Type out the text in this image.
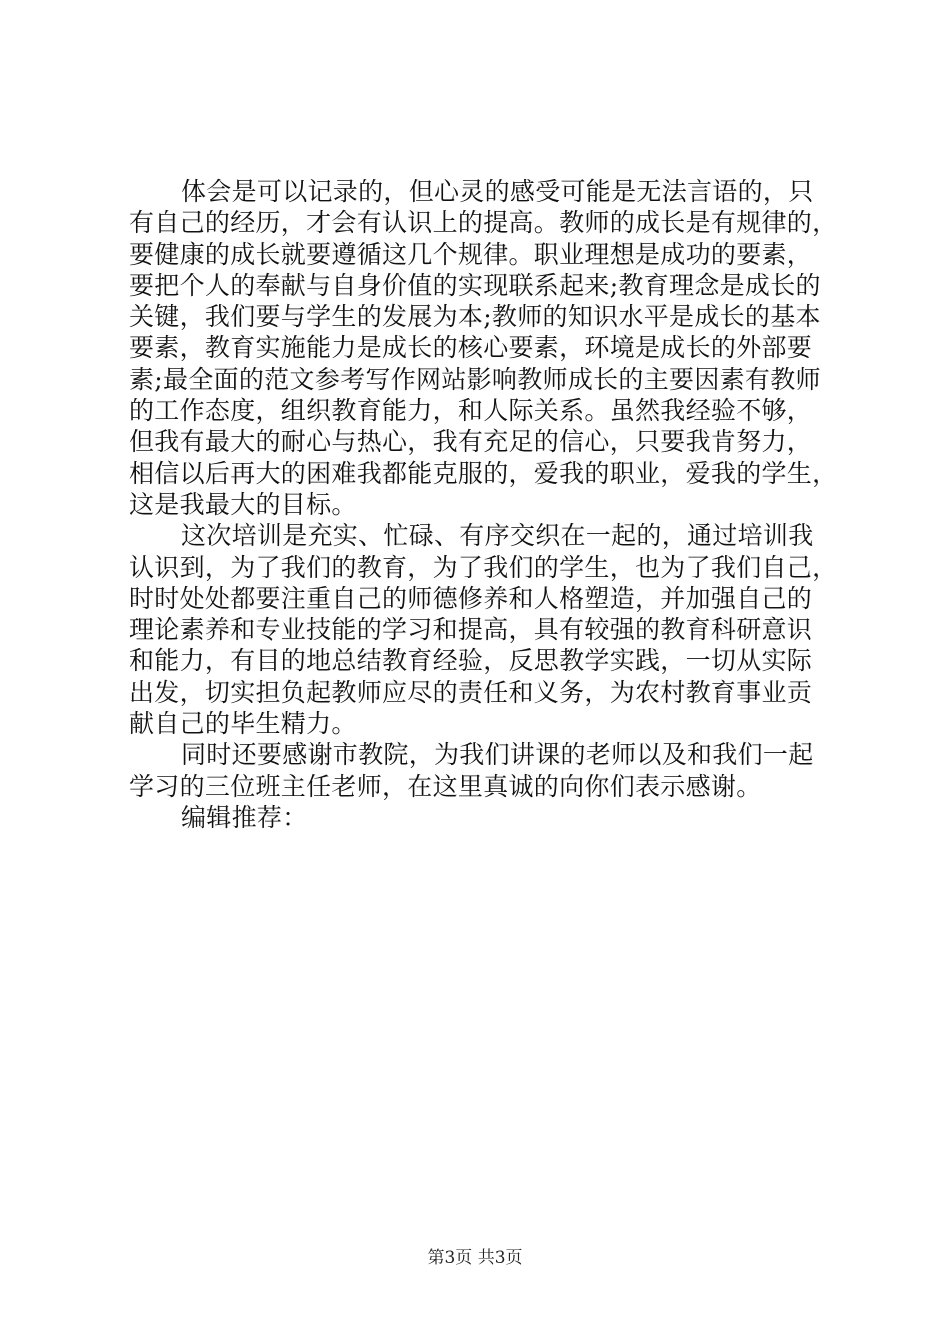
体会是可以记录的，但心灵的感受可能是无法言语的，只
有自己的经历，才会有认识上的提高。教师的成长是有规律的，
要健康的成长就要遵循这几个规律。职业理想是成功的要素，
要把个人的奉献与自身价值的实现联系起来;教育理念是成长的
关键，我们要与学生的发展为本;教师的知识水平是成长的基本
要素，教育实施能力是成长的核心要素，环境是成长的外部要
素;最全面的范文参考写作网站影响教师成长的主要因素有教师
的工作态度，组织教育能力，和人际关系。虽然我经验不够，
但我有最大的耐心与热心，我有充足的信心，只要我肯努力，
相信以后再大的困难我都能克服的，爱我的职业，爱我的学生，
这是我最大的目标。
这次培训是充实、忙碌、有序交织在一起的，通过培训我
认识到，为了我们的教育，为了我们的学生，也为了我们自己，
时时处处都要注重自己的师德修养和人格塑造，并加强自己的
理论素养和专业技能的学习和提高，具有较强的教育科研意识
和能力，有目的地总结教育经验，反思教学实践，一切从实际
出发，切实担负起教师应尽的责任和义务，为农村教育事业贡
献自己的毕生精力。
同时还要感谢市教院，为我们讲课的老师以及和我们一起
学习的三位班主任老师，在这里真诚的向你们表示感谢。
编辑推荐：
第3页 共3页
